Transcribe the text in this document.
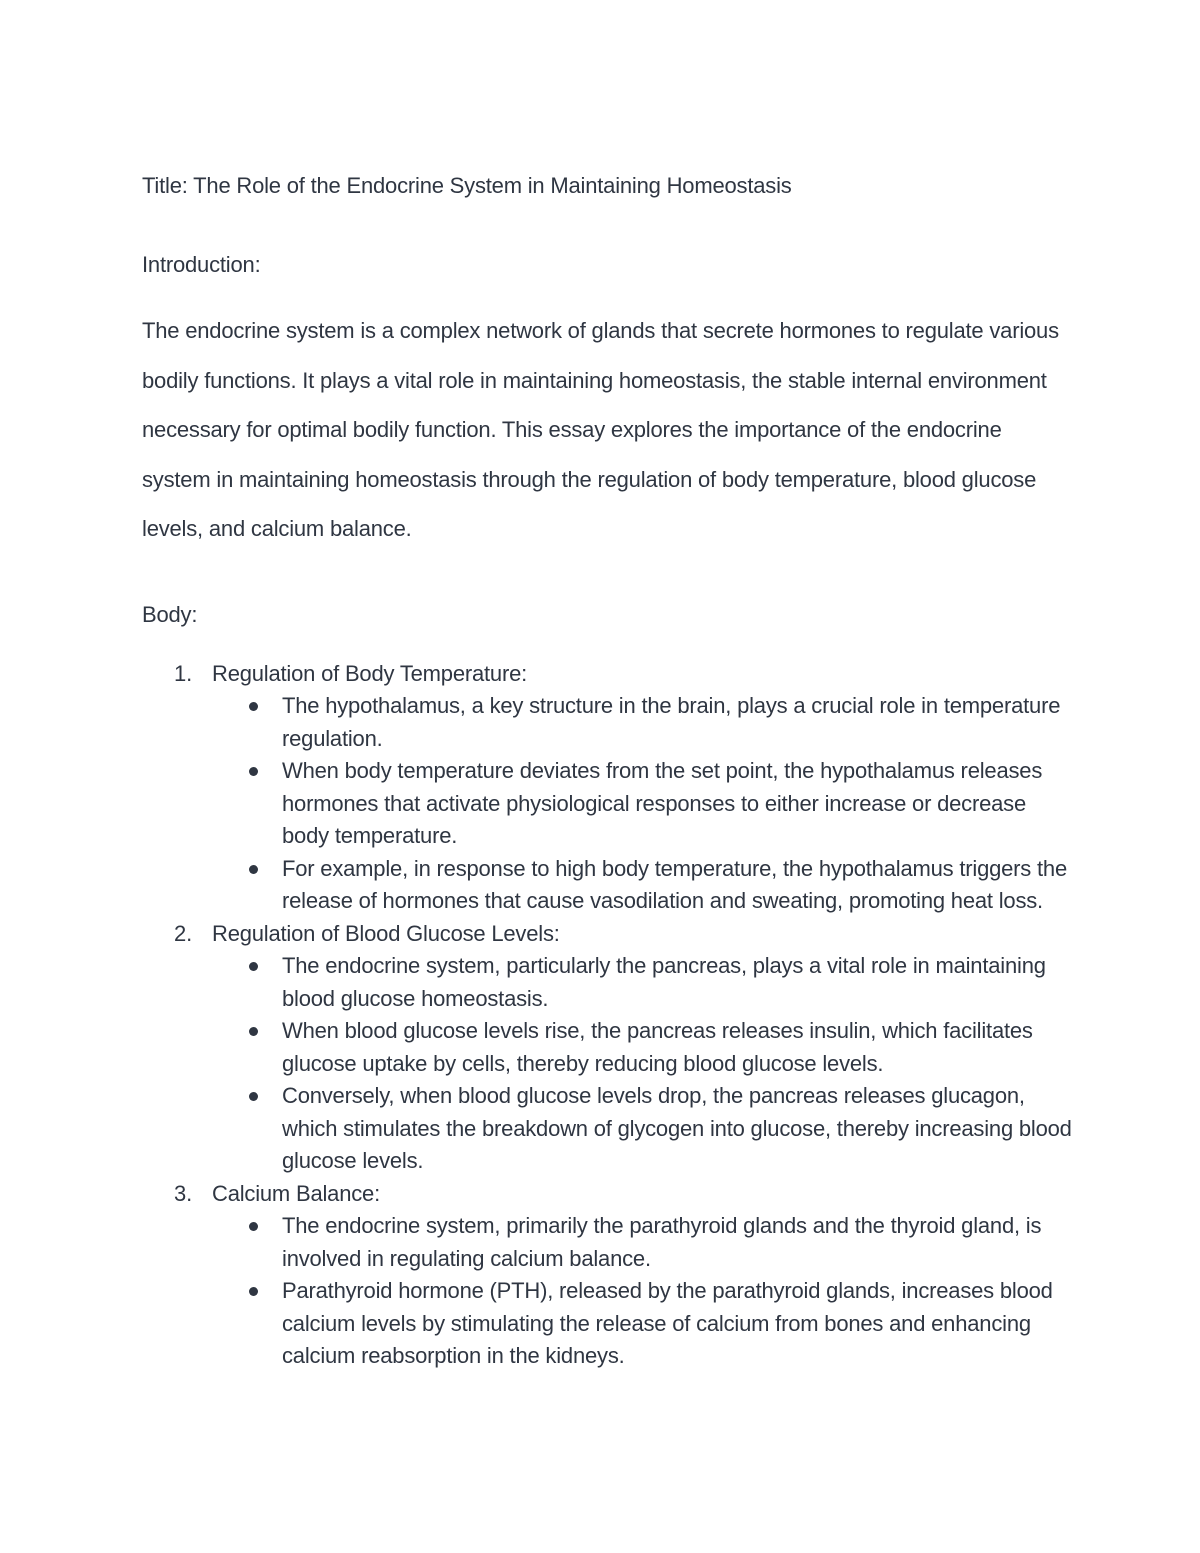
Title: The Role of the Endocrine System in Maintaining Homeostasis

Introduction:

The endocrine system is a complex network of glands that secrete hormones to regulate various bodily functions. It plays a vital role in maintaining homeostasis, the stable internal environment necessary for optimal bodily function. This essay explores the importance of the endocrine system in maintaining homeostasis through the regulation of body temperature, blood glucose levels, and calcium balance.

Body:

1. Regulation of Body Temperature:
The hypothalamus, a key structure in the brain, plays a crucial role in temperature regulation.
When body temperature deviates from the set point, the hypothalamus releases hormones that activate physiological responses to either increase or decrease body temperature.
For example, in response to high body temperature, the hypothalamus triggers the release of hormones that cause vasodilation and sweating, promoting heat loss.
2. Regulation of Blood Glucose Levels:
The endocrine system, particularly the pancreas, plays a vital role in maintaining blood glucose homeostasis.
When blood glucose levels rise, the pancreas releases insulin, which facilitates glucose uptake by cells, thereby reducing blood glucose levels.
Conversely, when blood glucose levels drop, the pancreas releases glucagon, which stimulates the breakdown of glycogen into glucose, thereby increasing blood glucose levels.
3. Calcium Balance:
The endocrine system, primarily the parathyroid glands and the thyroid gland, is involved in regulating calcium balance.
Parathyroid hormone (PTH), released by the parathyroid glands, increases blood calcium levels by stimulating the release of calcium from bones and enhancing calcium reabsorption in the kidneys.
